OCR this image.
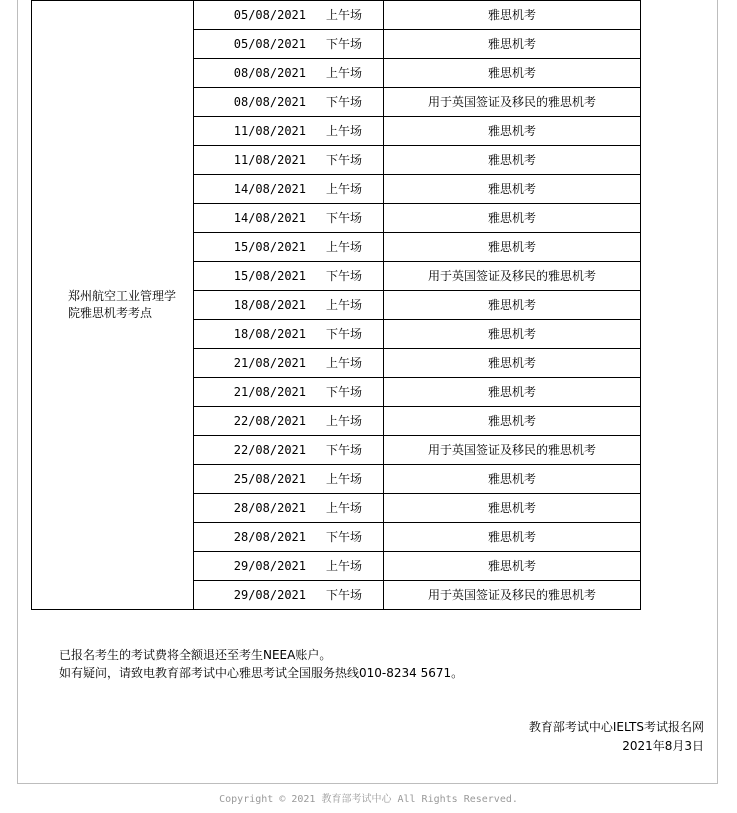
郑州航空工业管理学院雅思机考考点	05/08/2021 上午场	雅思机考
	05/08/2021 下午场	雅思机考
	08/08/2021 上午场	雅思机考
	08/08/2021 下午场	用于英国签证及移民的雅思机考
	11/08/2021 上午场	雅思机考
	11/08/2021 下午场	雅思机考
	14/08/2021 上午场	雅思机考
	14/08/2021 下午场	雅思机考
	15/08/2021 上午场	雅思机考
	15/08/2021 下午场	用于英国签证及移民的雅思机考
	18/08/2021 上午场	雅思机考
	18/08/2021 下午场	雅思机考
	21/08/2021 上午场	雅思机考
	21/08/2021 下午场	雅思机考
	22/08/2021 上午场	雅思机考
	22/08/2021 下午场	用于英国签证及移民的雅思机考
	25/08/2021 上午场	雅思机考
	28/08/2021 上午场	雅思机考
	28/08/2021 下午场	雅思机考
	29/08/2021 上午场	雅思机考
	29/08/2021 下午场	用于英国签证及移民的雅思机考
已报名考生的考试费将全额退还至考生NEEA账户。
如有疑问，请致电教育部考试中心雅思考试全国服务热线010-8234 5671。
教育部考试中心IELTS考试报名网
2021年8月3日
Copyright © 2021 教育部考试中心 All Rights Reserved.
